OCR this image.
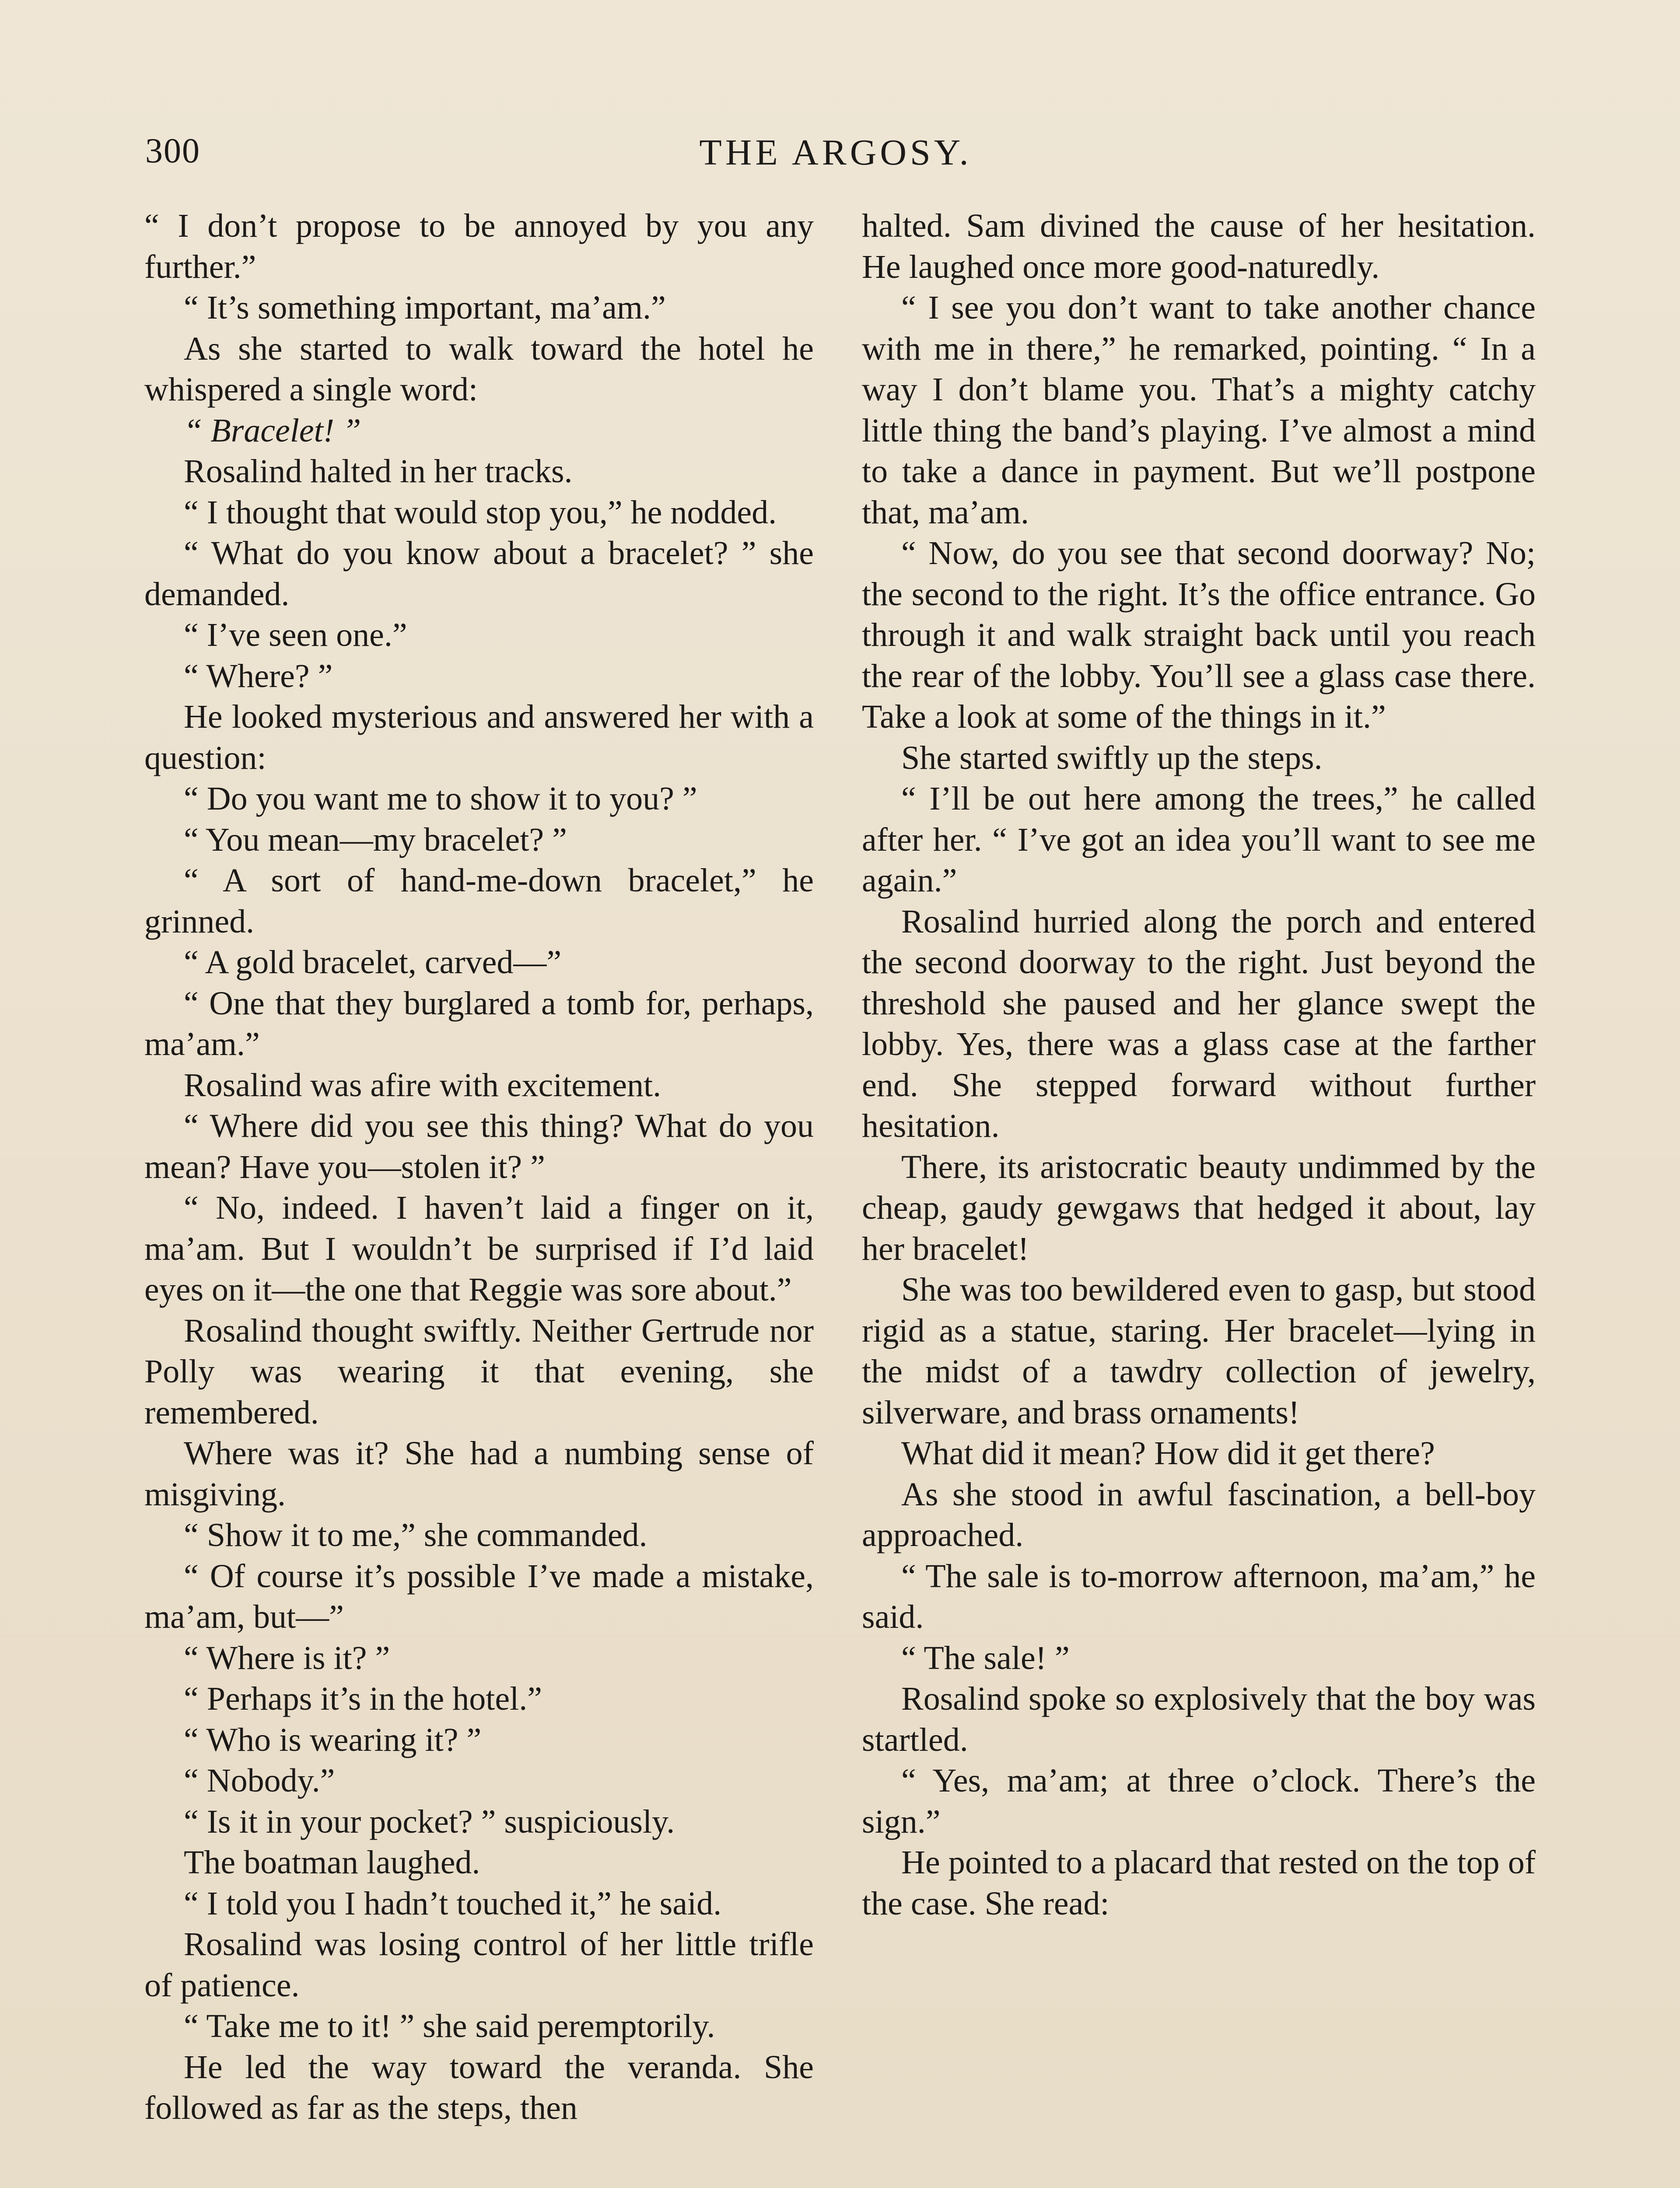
300	THE ARGOSY.

“ I don’t propose to be annoyed by you any further.”

“ It’s something important, ma’am.”

As she started to walk toward the hotel he whispered a single word:

“ Bracelet! ”

Rosalind halted in her tracks.

“ I thought that would stop you,” he nodded.

“ What do you know about a bracelet? ” she demanded.

“ I’ve seen one.”

“ Where? ”

He looked mysterious and answered her with a question:

“ Do you want me to show it to you? ”

“ You mean—my bracelet? ”

“ A sort of hand-me-down bracelet,” he grinned.

“ A gold bracelet, carved—”

“ One that they burglared a tomb for, perhaps, ma’am.”

Rosalind was afire with excitement.

“ Where did you see this thing? What do you mean? Have you—stolen it? ”

“ No, indeed. I haven’t laid a finger on it, ma’am. But I wouldn’t be surprised if I’d laid eyes on it—the one that Reggie was sore about.”

Rosalind thought swiftly. Neither Gertrude nor Polly was wearing it that evening, she remembered.

Where was it? She had a numbing sense of misgiving.

“ Show it to me,” she commanded.

“ Of course it’s possible I’ve made a mistake, ma’am, but—”

“ Where is it? ”

“ Perhaps it’s in the hotel.”

“ Who is wearing it? ”

“ Nobody.”

“ Is it in your pocket? ” suspiciously.

The boatman laughed.

“ I told you I hadn’t touched it,” he said.

Rosalind was losing control of her little trifle of patience.

“ Take me to it! ” she said peremptorily.

He led the way toward the veranda. She followed as far as the steps, then

halted. Sam divined the cause of her hesitation. He laughed once more good-naturedly.

“ I see you don’t want to take another chance with me in there,” he remarked, pointing. “ In a way I don’t blame you. That’s a mighty catchy little thing the band’s playing. I’ve almost a mind to take a dance in payment. But we’ll postpone that, ma’am.

“ Now, do you see that second doorway? No; the second to the right. It’s the office entrance. Go through it and walk straight back until you reach the rear of the lobby. You’ll see a glass case there. Take a look at some of the things in it.”

She started swiftly up the steps.

“ I’ll be out here among the trees,” he called after her. “ I’ve got an idea you’ll want to see me again.”

Rosalind hurried along the porch and entered the second doorway to the right. Just beyond the threshold she paused and her glance swept the lobby. Yes, there was a glass case at the farther end. She stepped forward without further hesitation.

There, its aristocratic beauty undimmed by the cheap, gaudy gewgaws that hedged it about, lay her bracelet!

She was too bewildered even to gasp, but stood rigid as a statue, staring. Her bracelet—lying in the midst of a tawdry collection of jewelry, silverware, and brass ornaments!

What did it mean? How did it get there?

As she stood in awful fascination, a bell-boy approached.

“ The sale is to-morrow afternoon, ma’am,” he said.

“ The sale! ”

Rosalind spoke so explosively that the boy was startled.

“ Yes, ma’am; at three o’clock. There’s the sign.”

He pointed to a placard that rested on the top of the case. She read:
